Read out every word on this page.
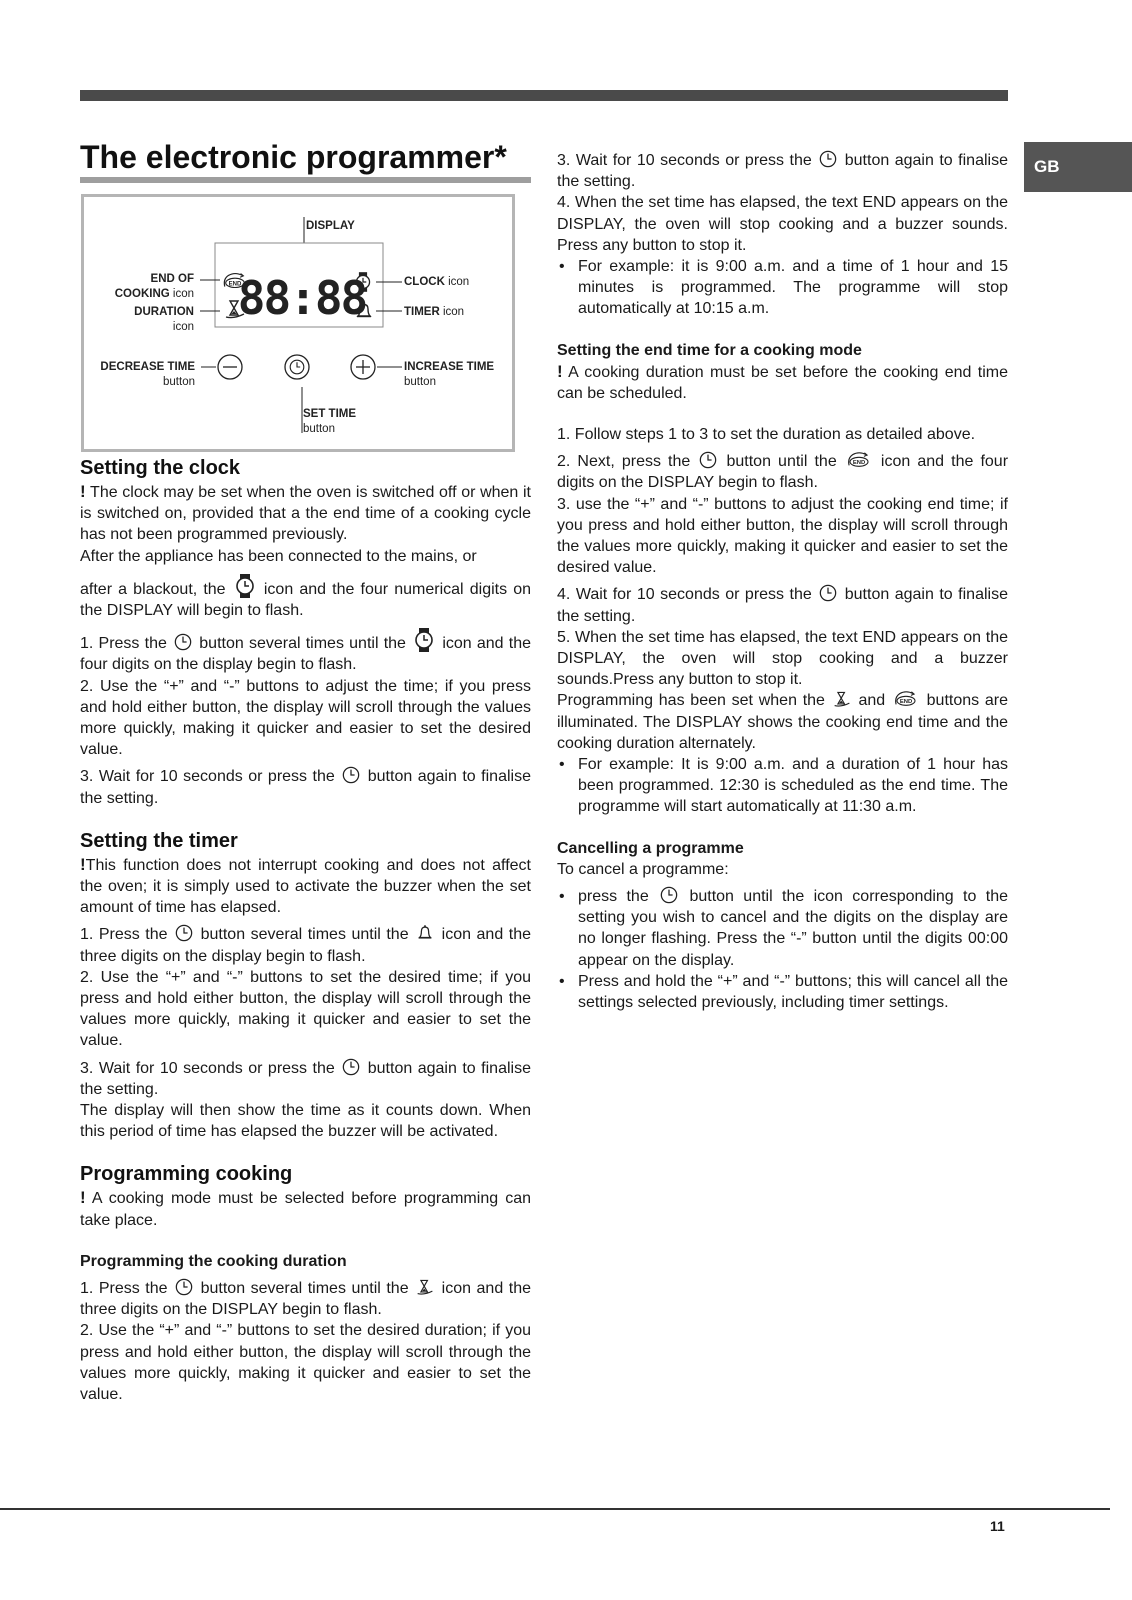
GB
The electronic programmer*
88:88
DISPLAY
END OF
COOKING icon
DURATION
icon
CLOCK icon
TIMER icon
DECREASE TIME
button
INCREASE TIME
button
SET TIME
button
Setting the clock

! The clock may be set when the oven is switched off or when it is switched on, provided that a the end time of a cooking cycle has not been programmed previously.

After the appliance has been connected to the mains, or

after a blackout, the icon and the four numerical digits on the DISPLAY will begin to flash.

1. Press the button several times until the icon and the four digits on the display begin to flash.

2. Use the “+” and “-” buttons to adjust the time; if you press and hold either button, the display will scroll through the values more quickly, making it quicker and easier to set the desired value.

3. Wait for 10 seconds or press the button again to finalise the setting.

Setting the timer

!This function does not interrupt cooking and does not affect the oven; it is simply used to activate the buzzer when the set amount of time has elapsed.

1. Press the button several times until the icon and the three digits on the display begin to flash.

2. Use the “+” and “-” buttons to set the desired time; if you press and hold either button, the display will scroll through the values more quickly, making it quicker and easier to set the value.

3. Wait for 10 seconds or press the button again to finalise the setting.

The display will then show the time as it counts down. When this period of time has elapsed the buzzer will be activated.

Programming cooking

! A cooking mode must be selected before programming can take place.

Programming the cooking duration

1. Press the button several times until the icon and the three digits on the DISPLAY begin to flash.

2. Use the “+” and “-” buttons to set the desired duration; if you press and hold either button, the display will scroll through the values more quickly, making it quicker and easier to set the value.

3. Wait for 10 seconds or press the button again to finalise the setting.

4. When the set time has elapsed, the text END appears on the DISPLAY, the oven will stop cooking and a buzzer sounds. Press any button to stop it.

• For example: it is 9:00 a.m. and a time of 1 hour and 15 minutes is programmed. The programme will stop automatically at 10:15 a.m.

Setting the end time for a cooking mode

! A cooking duration must be set before the cooking end time can be scheduled.

1. Follow steps 1 to 3 to set the duration as detailed above.

2. Next, press the button until the	icon and the four digits on the DISPLAY begin to flash.

3. use the “+” and “-” buttons to adjust the cooking end time; if you press and hold either button, the display will scroll through the values more quickly, making it quicker and easier to set the desired value.

4. Wait for 10 seconds or press the button again to finalise the setting.

5. When the set time has elapsed, the text END appears on the DISPLAY, the oven will stop cooking and a buzzer sounds.Press any button to stop it.

Programming has been set when the and	buttons are illuminated. The DISPLAY shows the cooking end time and the cooking duration alternately.

• For example: It is 9:00 a.m. and a duration of 1 hour has been programmed. 12:30 is scheduled as the end time. The programme will start automatically at 11:30 a.m.

Cancelling a programme

To cancel a programme:

• press the	button until the icon corresponding to the setting you wish to cancel and the digits on the display are no longer flashing. Press the “-” button until the digits 00:00 appear on the display.

• Press and hold the “+” and “-” buttons; this will cancel all the settings selected previously, including timer settings.

11
